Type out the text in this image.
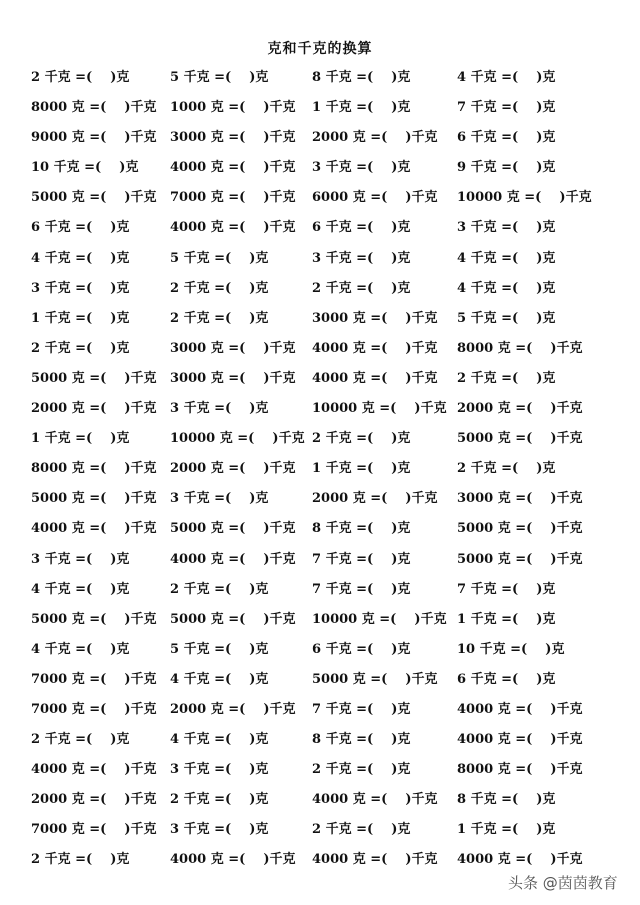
克和千克的换算
2 千克 =(    )克	5 千克 =(    )克	8 千克 =(    )克	4 千克 =(    )克
8000 克 =(    )千克 1000 克 =(    )千克 1 千克 =(    )克	7 千克 =(    )克
9000 克 =(    )千克 3000 克 =(    )千克 2000 克 =(    )千克 6 千克 =(    )克
10 千克 =(    )克 4000 克 =(    )千克 3 千克 =(    )克	9 千克 =(    )克
5000 克 =(    )千克 7000 克 =(    )千克 6000 克 =(    )千克 10000 克 =(    )千克
6 千克 =(    )克	4000 克 =(    )千克 6 千克 =(    )克	3 千克 =(    )克
4 千克 =(    )克	5 千克 =(    )克	3 千克 =(    )克	4 千克 =(    )克
3 千克 =(    )克	2 千克 =(    )克	2 千克 =(    )克	4 千克 =(    )克
1 千克 =(    )克	2 千克 =(    )克	3000 克 =(    )千克 5 千克 =(    )克
2 千克 =(    )克	3000 克 =(    )千克 4000 克 =(    )千克 8000 克 =(    )千克
5000 克 =(    )千克 3000 克 =(    )千克 4000 克 =(    )千克 2 千克 =(    )克
2000 克 =(    )千克 3 千克 =(    )克	10000 克 =(    )千克 2000 克 =(    )千克
1 千克 =(    )克	10000 克 =(    )千克 2 千克 =(    )克	5000 克 =(    )千克
8000 克 =(    )千克 2000 克 =(    )千克 1 千克 =(    )克	2 千克 =(    )克
5000 克 =(    )千克 3 千克 =(    )克	2000 克 =(    )千克 3000 克 =(    )千克
4000 克 =(    )千克 5000 克 =(    )千克 8 千克 =(    )克	5000 克 =(    )千克
3 千克 =(    )克	4000 克 =(    )千克 7 千克 =(    )克	5000 克 =(    )千克
4 千克 =(    )克	2 千克 =(    )克	7 千克 =(    )克	7 千克 =(    )克
5000 克 =(    )千克 5000 克 =(    )千克 10000 克 =(    )千克 1 千克 =(    )克
4 千克 =(    )克	5 千克 =(    )克	6 千克 =(    )克	10 千克 =(    )克
7000 克 =(    )千克 4 千克 =(    )克	5000 克 =(    )千克 6 千克 =(    )克
7000 克 =(    )千克 2000 克 =(    )千克 7 千克 =(    )克	4000 克 =(    )千克
2 千克 =(    )克	4 千克 =(    )克	8 千克 =(    )克	4000 克 =(    )千克
4000 克 =(    )千克 3 千克 =(    )克	2 千克 =(    )克	8000 克 =(    )千克
2000 克 =(    )千克 2 千克 =(    )克	4000 克 =(    )千克 8 千克 =(    )克
7000 克 =(    )千克 3 千克 =(    )克	2 千克 =(    )克	1 千克 =(    )克
2 千克 =(    )克	4000 克 =(    )千克 4000 克 =(    )千克 4000 克 =(    )千克
头条 @茵茵教育
